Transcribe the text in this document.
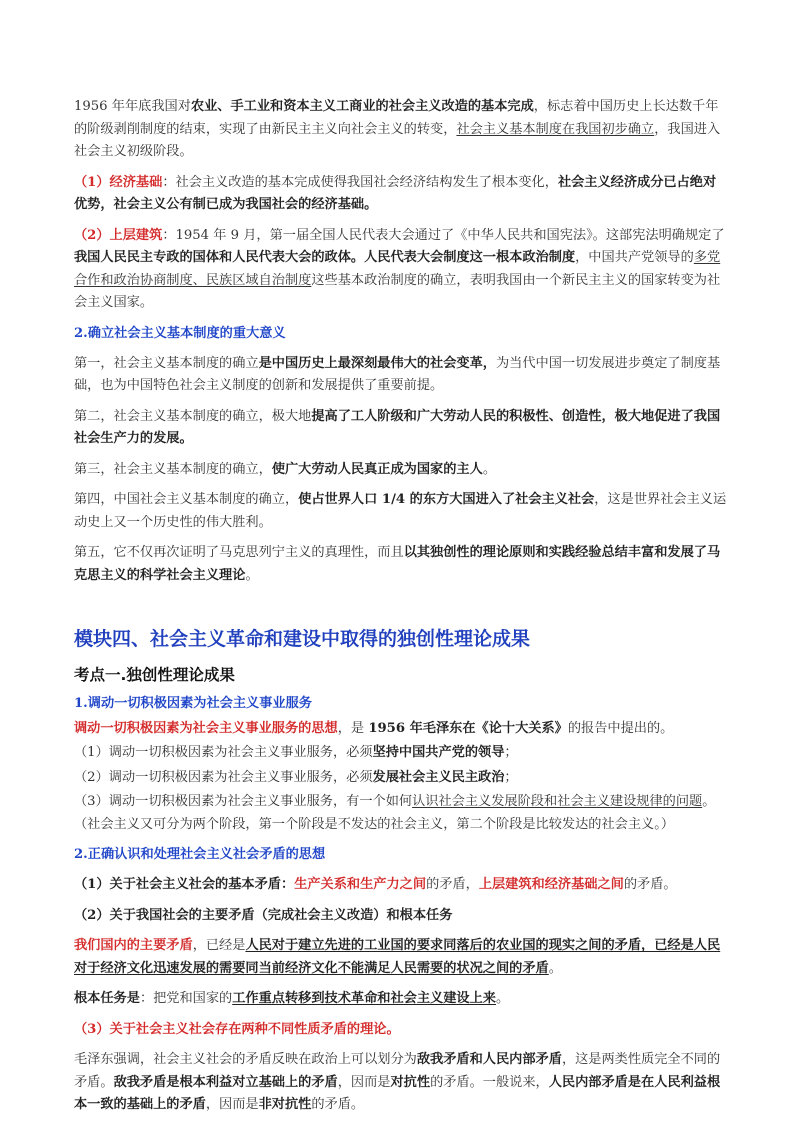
1956 年年底我国对农业、手工业和资本主义工商业的社会主义改造的基本完成，标志着中国历史上长达数千年的阶级剥削制度的结束，实现了由新民主主义向社会主义的转变，社会主义基本制度在我国初步确立，我国进入社会主义初级阶段。

（1）经济基础：社会主义改造的基本完成使得我国社会经济结构发生了根本变化，社会主义经济成分已占绝对优势，社会主义公有制已成为我国社会的经济基础。

（2）上层建筑：1954 年 9 月，第一届全国人民代表大会通过了《中华人民共和国宪法》。这部宪法明确规定了我国人民民主专政的国体和人民代表大会的政体。人民代表大会制度这一根本政治制度，中国共产党领导的多党合作和政治协商制度、民族区域自治制度这些基本政治制度的确立，表明我国由一个新民主主义的国家转变为社会主义国家。

2.确立社会主义基本制度的重大意义

第一，社会主义基本制度的确立是中国历史上最深刻最伟大的社会变革，为当代中国一切发展进步奠定了制度基础，也为中国特色社会主义制度的创新和发展提供了重要前提。

第二，社会主义基本制度的确立，极大地提高了工人阶级和广大劳动人民的积极性、创造性，极大地促进了我国社会生产力的发展。

第三，社会主义基本制度的确立，使广大劳动人民真正成为国家的主人。

第四，中国社会主义基本制度的确立，使占世界人口 1/4 的东方大国进入了社会主义社会，这是世界社会主义运动史上又一个历史性的伟大胜利。

第五，它不仅再次证明了马克思列宁主义的真理性，而且以其独创性的理论原则和实践经验总结丰富和发展了马克思主义的科学社会主义理论。

模块四、社会主义革命和建设中取得的独创性理论成果
考点一.独创性理论成果

1.调动一切积极因素为社会主义事业服务

调动一切积极因素为社会主义事业服务的思想，是 1956 年毛泽东在《论十大关系》的报告中提出的。

（1）调动一切积极因素为社会主义事业服务，必须坚持中国共产党的领导；

（2）调动一切积极因素为社会主义事业服务，必须发展社会主义民主政治；

（3）调动一切积极因素为社会主义事业服务，有一个如何认识社会主义发展阶段和社会主义建设规律的问题。（社会主义又可分为两个阶段，第一个阶段是不发达的社会主义，第二个阶段是比较发达的社会主义。）

2.正确认识和处理社会主义社会矛盾的思想

（1）关于社会主义社会的基本矛盾：生产关系和生产力之间的矛盾，上层建筑和经济基础之间的矛盾。

（2）关于我国社会的主要矛盾（完成社会主义改造）和根本任务

我们国内的主要矛盾，已经是人民对于建立先进的工业国的要求同落后的农业国的现实之间的矛盾，已经是人民对于经济文化迅速发展的需要同当前经济文化不能满足人民需要的状况之间的矛盾。

根本任务是：把党和国家的工作重点转移到技术革命和社会主义建设上来。

（3）关于社会主义社会存在两种不同性质矛盾的理论。

毛泽东强调，社会主义社会的矛盾反映在政治上可以划分为敌我矛盾和人民内部矛盾，这是两类性质完全不同的矛盾。敌我矛盾是根本利益对立基础上的矛盾，因而是对抗性的矛盾。一般说来，人民内部矛盾是在人民利益根本一致的基础上的矛盾，因而是非对抗性的矛盾。
